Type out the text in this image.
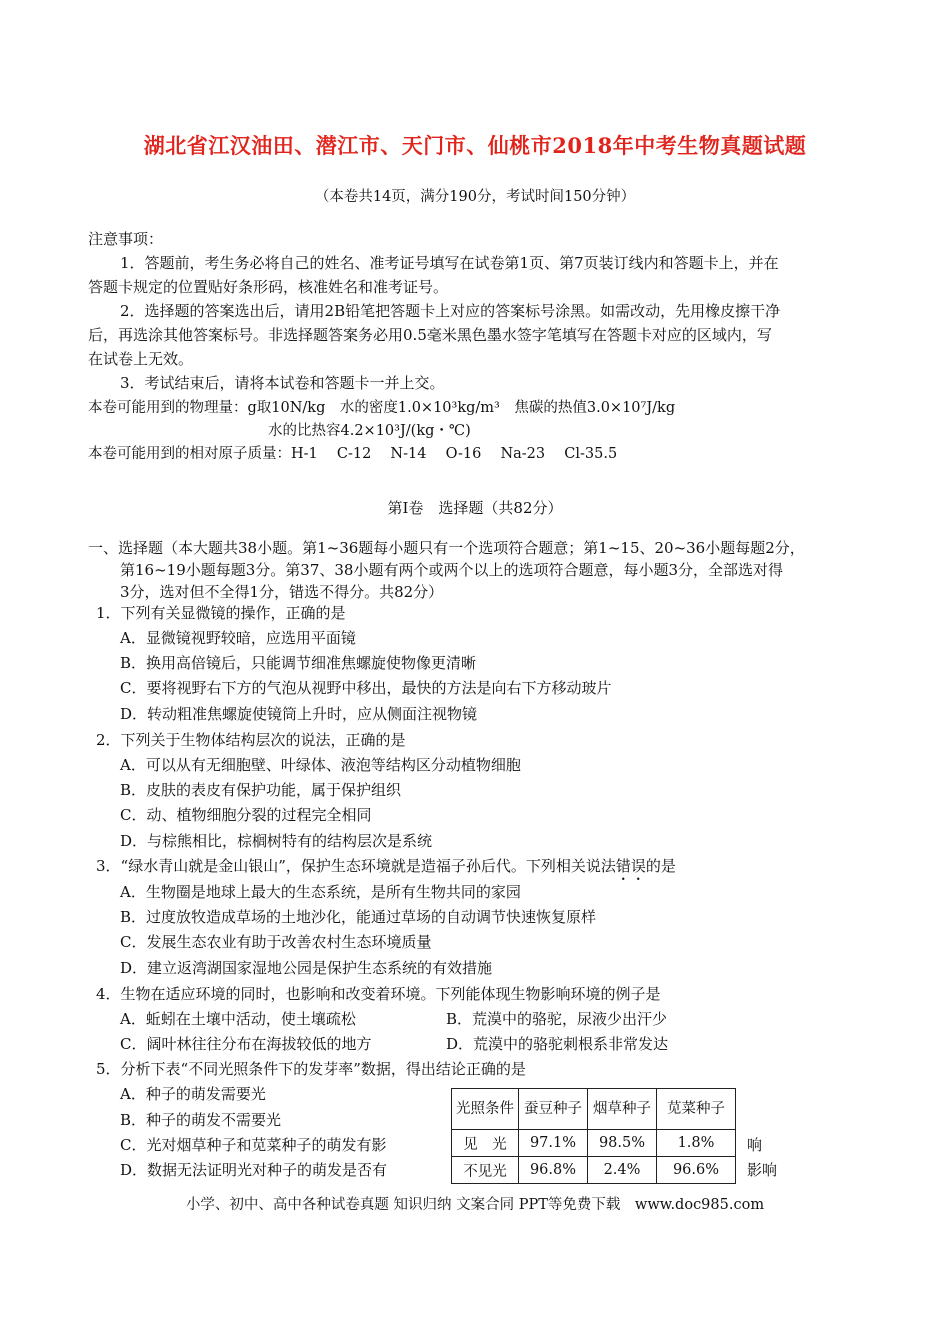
湖北省江汉油田、潜江市、天门市、仙桃市2018年中考生物真题试题
（本卷共14页，满分190分，考试时间150分钟）
注意事项：
1．答题前，考生务必将自己的姓名、准考证号填写在试卷第1页、第7页装订线内和答题卡上，并在
答题卡规定的位置贴好条形码，核准姓名和准考证号。
2．选择题的答案选出后，请用2B铅笔把答题卡上对应的答案标号涂黑。如需改动，先用橡皮擦干净
后，再选涂其他答案标号。非选择题答案务必用0.5毫米黑色墨水签字笔填写在答题卡对应的区域内，写
在试卷上无效。
3．考试结束后，请将本试卷和答题卡一并上交。
本卷可能用到的物理量：g取10N/kg　水的密度1.0×10³kg/m³　焦碳的热值3.0×10⁷J/kg
水的比热容4.2×10³J/(kg・℃)
本卷可能用到的相对原子质量：H-1　 C-12　 N-14　 O-16　 Na-23　 Cl-35.5
第Ⅰ卷　选择题（共82分）
一、选择题（本大题共38小题。第1~36题每小题只有一个选项符合题意；第1~15、20~36小题每题2分，
第16~19小题每题3分。第37、38小题有两个或两个以上的选项符合题意，每小题3分，全部选对得
3分，选对但不全得1分，错选不得分。共82分）
1．下列有关显微镜的操作，正确的是
A．显微镜视野较暗，应选用平面镜
B．换用高倍镜后，只能调节细准焦螺旋使物像更清晰
C．要将视野右下方的气泡从视野中移出，最快的方法是向右下方移动玻片
D．转动粗准焦螺旋使镜筒上升时，应从侧面注视物镜
2．下列关于生物体结构层次的说法，正确的是
A．可以从有无细胞壁、叶绿体、液泡等结构区分动植物细胞
B．皮肤的表皮有保护功能，属于保护组织
C．动、植物细胞分裂的过程完全相同
D．与棕熊相比，棕榈树特有的结构层次是系统
3．“绿水青山就是金山银山”，保护生态环境就是造福子孙后代。下列相关说法错误的是
A．生物圈是地球上最大的生态系统，是所有生物共同的家园
B．过度放牧造成草场的土地沙化，能通过草场的自动调节快速恢复原样
C．发展生态农业有助于改善农村生态环境质量
D．建立返湾湖国家湿地公园是保护生态系统的有效措施
4．生物在适应环境的同时，也影响和改变着环境。下列能体现生物影响环境的例子是
A．蚯蚓在土壤中活动，使土壤疏松	B．荒漠中的骆驼，尿液少出汗少
C．阔叶林往往分布在海拔较低的地方	D．荒漠中的骆驼刺根系非常发达
5．分析下表“不同光照条件下的发芽率”数据，得出结论正确的是
A．种子的萌发需要光
B．种子的萌发不需要光
C．光对烟草种子和苋菜种子的萌发有影
D．数据无法证明光对种子的萌发是否有
响
影响
光照条件	蚕豆种子	烟草种子	苋菜种子
见　光	97.1%	98.5%	1.8%
不见光	96.8%	2.4%	96.6%
小学、初中、高中各种试卷真题 知识归纳 文案合同 PPT等免费下载　www.doc985.com
